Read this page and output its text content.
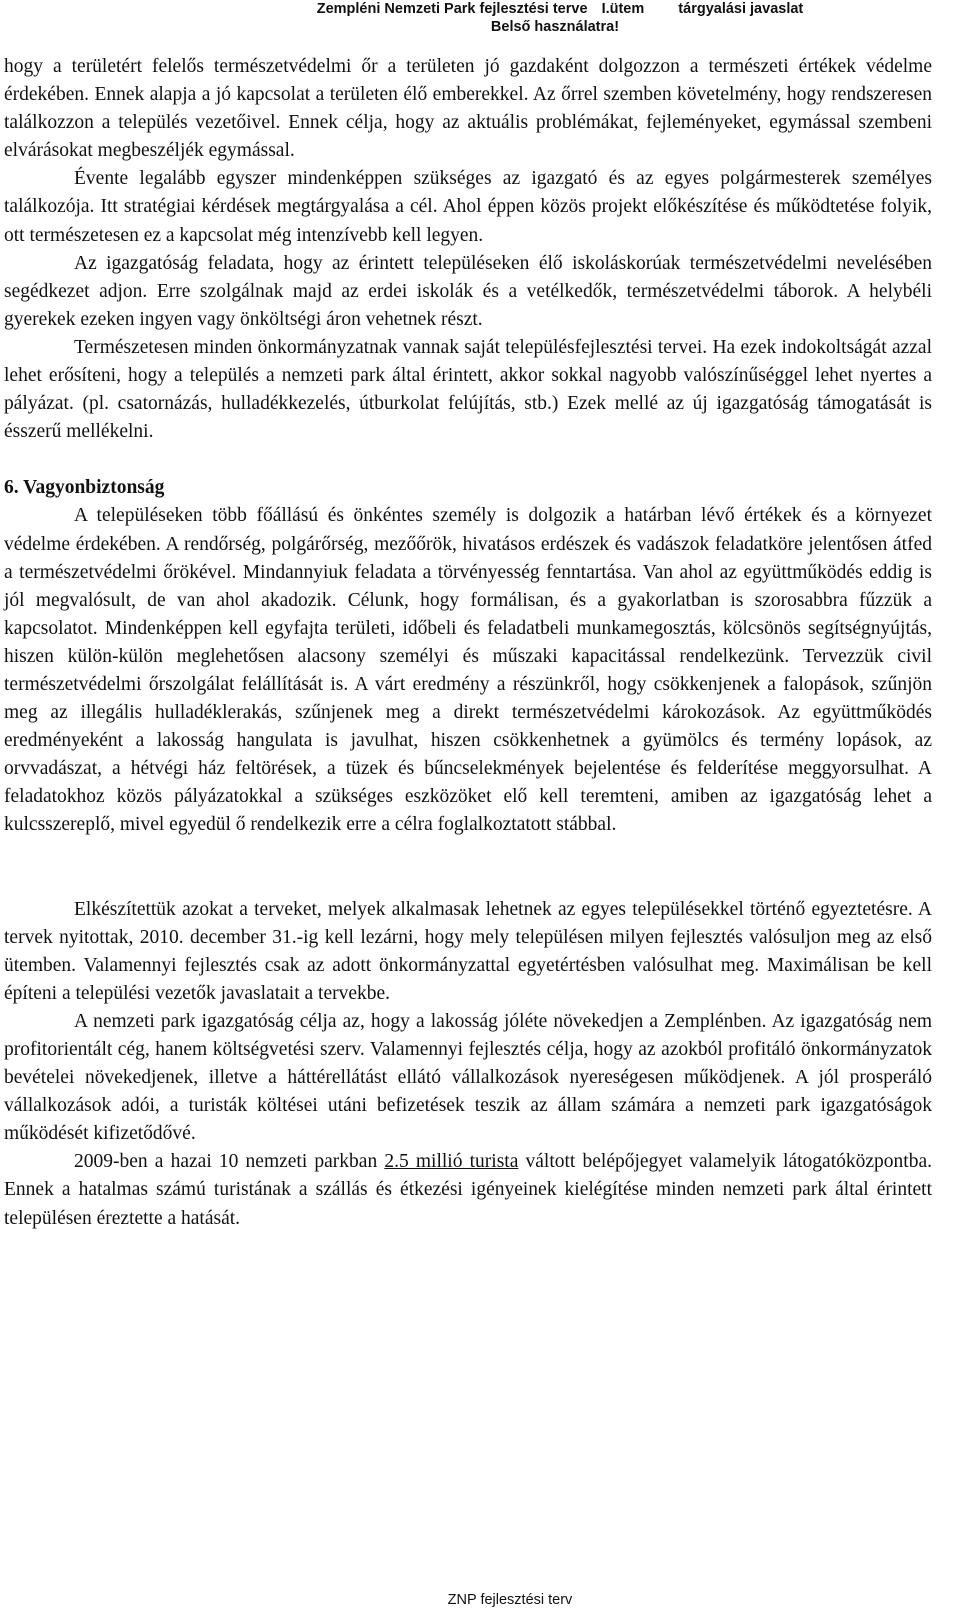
Zempléni Nemzeti Park fejlesztési terve I.ütem tárgyalási javaslat
Belső használatra!

hogy a területért felelős természetvédelmi őr a területen jó gazdaként dolgozzon a természeti értékek védelme érdekében. Ennek alapja a jó kapcsolat a területen élő emberekkel. Az őrrel szemben követelmény, hogy rendszeresen találkozzon a település vezetőivel. Ennek célja, hogy az aktuális problémákat, fejleményeket, egymással szembeni elvárásokat megbeszéljék egymással.

Évente legalább egyszer mindenképpen szükséges az igazgató és az egyes polgármesterek személyes találkozója. Itt stratégiai kérdések megtárgyalása a cél. Ahol éppen közös projekt előkészítése és működtetése folyik, ott természetesen ez a kapcsolat még intenzívebb kell legyen.

Az igazgatóság feladata, hogy az érintett településeken élő iskoláskorúak természetvédelmi nevelésében segédkezet adjon. Erre szolgálnak majd az erdei iskolák és a vetélkedők, természetvédelmi táborok. A helybéli gyerekek ezeken ingyen vagy önköltségi áron vehetnek részt.

Természetesen minden önkormányzatnak vannak saját településfejlesztési tervei. Ha ezek indokoltságát azzal lehet erősíteni, hogy a település a nemzeti park által érintett, akkor sokkal nagyobb valószínűséggel lehet nyertes a pályázat. (pl. csatornázás, hulladékkezelés, útburkolat felújítás, stb.) Ezek mellé az új igazgatóság támogatását is ésszerű mellékelni.

6. Vagyonbiztonság

A településeken több főállású és önkéntes személy is dolgozik a határban lévő értékek és a környezet védelme érdekében. A rendőrség, polgárőrség, mezőőrök, hivatásos erdészek és vadászok feladatköre jelentősen átfed a természetvédelmi őrökével. Mindannyiuk feladata a törvényesség fenntartása. Van ahol az együttműködés eddig is jól megvalósult, de van ahol akadozik. Célunk, hogy formálisan, és a gyakorlatban is szorosabbra fűzzük a kapcsolatot. Mindenképpen kell egyfajta területi, időbeli és feladatbeli munkamegosztás, kölcsönös segítségnyújtás, hiszen külön-külön meglehetősen alacsony személyi és műszaki kapacitással rendelkezünk. Tervezzük civil természetvédelmi őrszolgálat felállítását is. A várt eredmény a részünkről, hogy csökkenjenek a falopások, szűnjön meg az illegális hulladéklerakás, szűnjenek meg a direkt természetvédelmi károkozások. Az együttműködés eredményeként a lakosság hangulata is javulhat, hiszen csökkenhetnek a gyümölcs és termény lopások, az orvvadászat, a hétvégi ház feltörések, a tüzek és bűncselekmények bejelentése és felderítése meggyorsulhat. A feladatokhoz közös pályázatokkal a szükséges eszközöket elő kell teremteni, amiben az igazgatóság lehet a kulcsszereplő, mivel egyedül ő rendelkezik erre a célra foglalkoztatott stábbal.

Elkészítettük azokat a terveket, melyek alkalmasak lehetnek az egyes településekkel történő egyeztetésre. A tervek nyitottak, 2010. december 31.-ig kell lezárni, hogy mely településen milyen fejlesztés valósuljon meg az első ütemben. Valamennyi fejlesztés csak az adott önkormányzattal egyetértésben valósulhat meg. Maximálisan be kell építeni a települési vezetők javaslatait a tervekbe.

A nemzeti park igazgatóság célja az, hogy a lakosság jóléte növekedjen a Zemplénben. Az igazgatóság nem profitorientált cég, hanem költségvetési szerv. Valamennyi fejlesztés célja, hogy az azokból profitáló önkormányzatok bevételei növekedjenek, illetve a háttérellátást ellátó vállalkozások nyereségesen működjenek. A jól prosperáló vállalkozások adói, a turisták költései utáni befizetések teszik az állam számára a nemzeti park igazgatóságok működését kifizetődővé.

2009-ben a hazai 10 nemzeti parkban 2.5 millió turista váltott belépőjegyet valamelyik látogatóközpontba. Ennek a hatalmas számú turistának a szállás és étkezési igényeinek kielégítése minden nemzeti park által érintett településen éreztette a hatását.

ZNP fejlesztési terv
